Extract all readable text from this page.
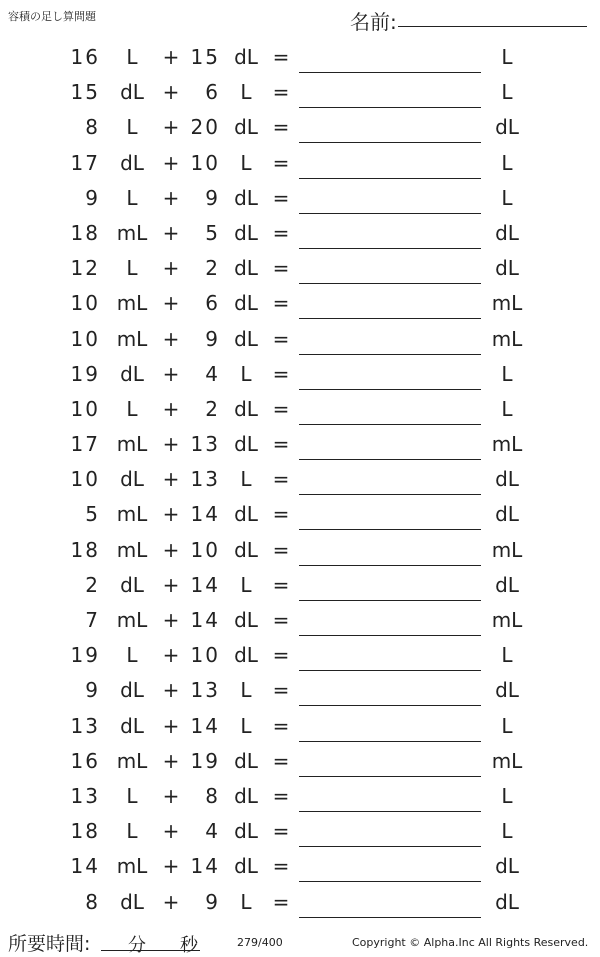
容積の足し算問題	名前:
16	L	+ 15 dL =	L
15	dL +	6	L	=	L
8	L	+ 20 dL =	dL
17	dL + 10	L	=	L
9	L	+	9 dL =	L
18 mL +	5 dL =	dL
12	L	+	2 dL =	dL
10 mL +	6 dL =	mL
10 mL +	9 dL =	mL
19	dL +	4	L	=	L
10	L	+	2 dL =	L
17 mL + 13 dL =	mL
10	dL + 13	L	=	dL
5 mL + 14 dL =	dL
18 mL + 10 dL =	mL
2	dL + 14	L	=	dL
7 mL + 14 dL =	mL
19	L	+ 10 dL =	L
9	dL + 13	L	=	dL
13	dL + 14	L	=	L
16 mL + 19 dL =	mL
13	L	+	8 dL =	L
18	L	+	4 dL =	L
14 mL + 14 dL =	dL
8	dL +	9	L	=	dL
所要時間: 分 秒	279/400	Copyright © Alpha.Inc All Rights Reserved.
